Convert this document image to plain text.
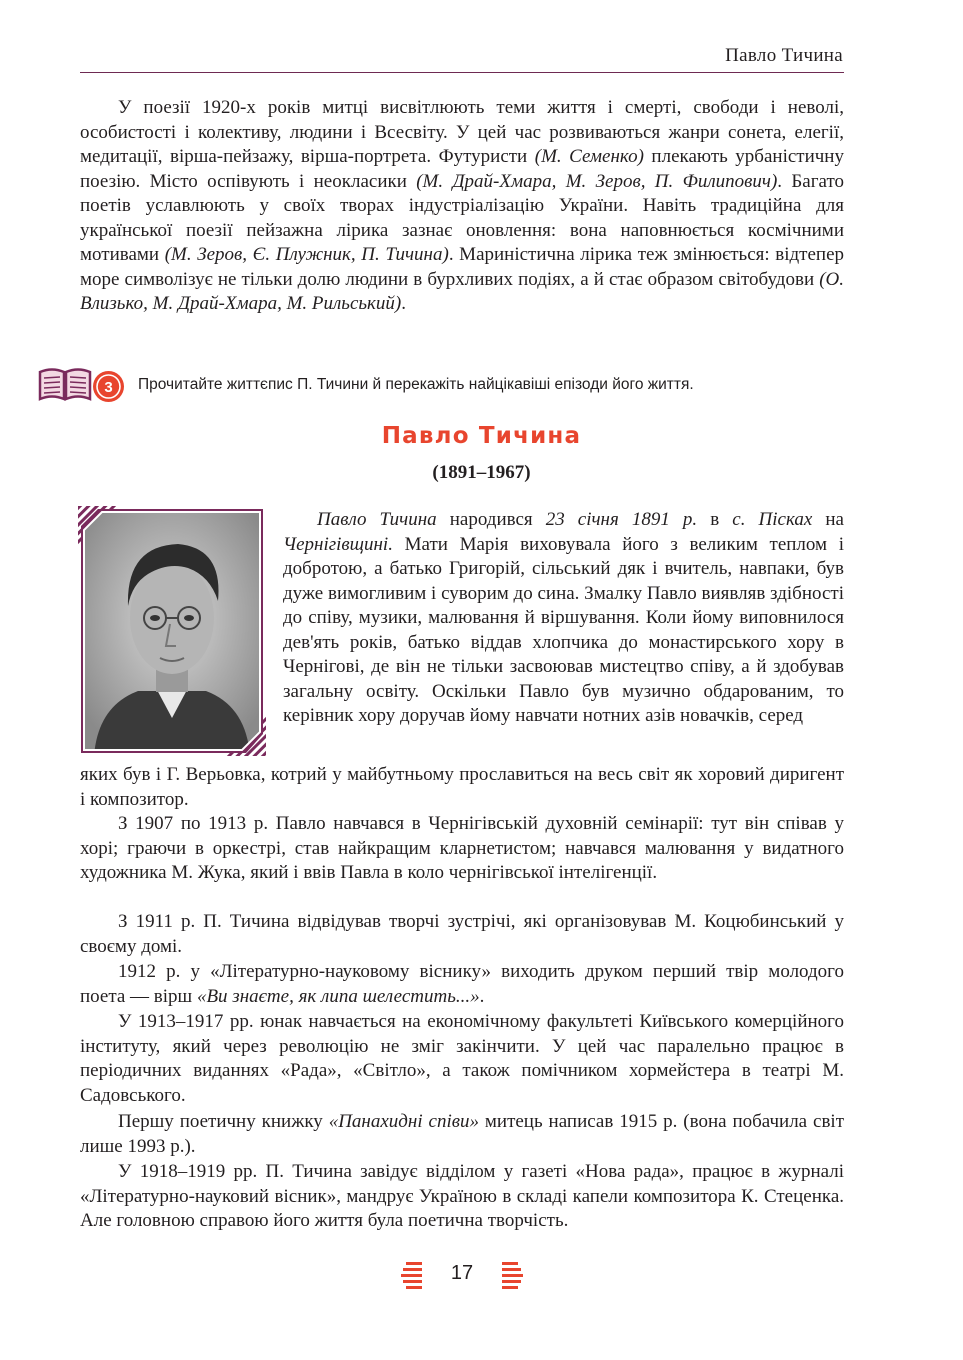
Павло Тичина

У поезії 1920-х років митці висвітлюють теми життя і смерті, свободи і неволі, особистості і колективу, людини і Всесвіту. У цей час розвиваються жанри сонета, елегії, медитації, вірша-пейзажу, вірша-портрета. Футуристи (М. Семенко) плекають урбаністичну поезію. Місто оспівують і неокласики (М. Драй-Хмара, М. Зеров, П. Филипович). Багато поетів уславлюють у своїх творах індустріалізацію України. Навіть традиційна для української поезії пейзажна лірика зазнає оновлення: вона наповнюється космічними мотивами (М. Зеров, Є. Плужник, П. Тичина). Мариністична лірика теж змінюється: відтепер море символізує не тільки долю людини в бурхливих подіях, а й стає образом світобудови (О. Влизько, М. Драй-Хмара, М. Рильський).

3 Прочитайте життєпис П. Тичини й перекажіть найцікавіші епізоди його життя.
Павло Тичина
(1891–1967)

Павло Тичина народився 23 січня 1891 р. в с. Пісках на Чернігівщині. Мати Марія виховувала його з великим теплом і добротою, а батько Григорій, сільський дяк і вчитель, навпаки, був дуже вимогливим і суворим до сина. Змалку Павло виявляв здібності до співу, музики, малювання й віршування. Коли йому виповнилося дев'ять років, батько віддав хлопчика до монастирського хору в Чернігові, де він не тільки засвоював мистецтво співу, а й здобував загальну освіту. Оскільки Павло був музично обдарованим, то керівник хору доручав йому навчати нотних азів новачків, серед

яких був і Г. Верьовка, котрий у майбутньому прославиться на весь світ як хоровий диригент і композитор.

З 1907 по 1913 р. Павло навчався в Чернігівській духовній семінарії: тут він співав у хорі; граючи в оркестрі, став найкращим кларнетистом; навчався малювання у видатного художника М. Жука, який і ввів Павла в коло чернігівської інтелігенції.

З 1911 р. П. Тичина відвідував творчі зустрічі, які організовував М. Коцюбинський у своєму домі.

1912 р. у «Літературно-науковому віснику» виходить друком перший твір молодого поета — вірш «Ви знаєте, як липа шелестить...».

У 1913–1917 рр. юнак навчається на економічному факультеті Київського комерційного інституту, який через революцію не зміг закінчити. У цей час паралельно працює в періодичних виданнях «Рада», «Світло», а також помічником хормейстера в театрі М. Садовського.

Першу поетичну книжку «Панахидні співи» митець написав 1915 р. (вона побачила світ лише 1993 р.).

У 1918–1919 рр. П. Тичина завідує відділом у газеті «Нова рада», працює в журналі «Літературно-науковий вісник», мандрує Україною в складі капели композитора К. Стеценка. Але головною справою його життя була поетична творчість.

17
